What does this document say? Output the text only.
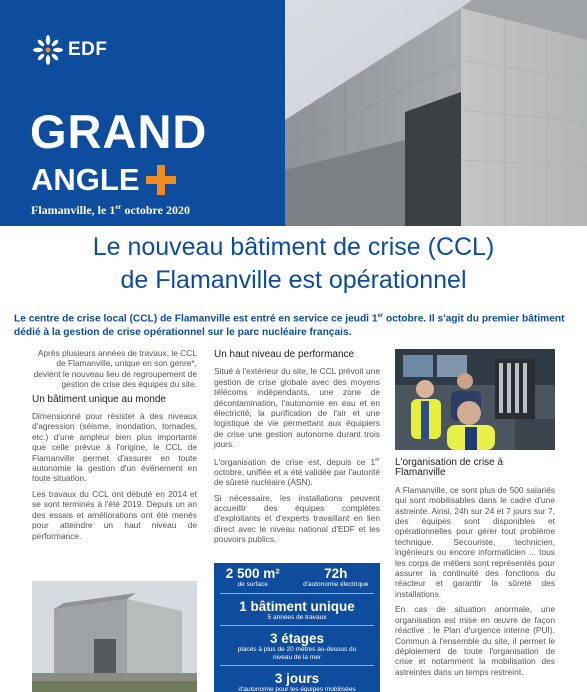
EDF
GRAND
ANGLE
Flamanville, le 1er octobre 2020
Le nouveau bâtiment de crise (CCL)
de Flamanville est opérationnel
Le centre de crise local (CCL) de Flamanville est entré en service ce jeudi 1er octobre. Il s'agit du premier bâtiment dédié à la gestion de crise opérationnel sur le parc nucléaire français.

Après plusieurs années de travaux, le CCL de Flamanville, unique en son genre*, devient le nouveau lieu de regroupement de gestion de crise des équipes du site.

Un bâtiment unique au monde

Dimensionné pour résister à des niveaux d'agression (séisme, inondation, tornades, etc.) d'une ampleur bien plus importante que celle prévue à l'origine, le CCL de Flamanville permet d'assurer en toute autonomie la gestion d'un événement en toute situation.

Les travaux du CCL ont débuté en 2014 et se sont terminés à l'été 2019. Depuis un an des essais et améliorations ont été menés pour atteindre un haut niveau de performance.

Un haut niveau de performance

Situé à l'extérieur du site, le CCL prévoit une gestion de crise globale avec des moyens télécoms indépendants, une zone de décontamination, l'autonomie en eau et en électricité, la purification de l'air et une logistique de vie permettant aux équipiers de crise une gestion autonome durant trois jours.

L'organisation de crise est, depuis ce 1er octobre, unifiée et a été validée par l'autorité de sûreté nucléaire (ASN).

Si nécessaire, les installations peuvent accueillir des équipes complètes d'exploitants et d'experts travaillant en lien direct avec le niveau national d'EDF et les pouvoirs publics.

2 500 m²
de surface
72h
d'autonomie électrique
1 bâtiment unique
5 années de travaux
3 étages
placés à plus de 20 mètres au-dessus du
niveau de la mer
3 jours
d'autonomie pour les équipes mobilisées
L'organisation de crise à Flamanville

A Flamanville, ce sont plus de 500 salariés qui sont mobilisables dans le cadre d'une astreinte. Ainsi, 24h sur 24 et 7 jours sur 7, des équipes sont disponibles et opérationnelles pour gérer tout problème technique. Secouriste, technicien, ingénieurs ou encore informaticien ... tous les corps de métiers sont représentés pour assurer la continuité des fonctions du réacteur et garantir la sûreté des installations.

En cas de situation anormale, une organisation est mise en œuvre de façon réactive : le Plan d'urgence interne (PUI). Commun à l'ensemble du site, il permet le déploiement de toute l'organisation de crise et notamment la mobilisation des astreintes dans un temps restreint.
